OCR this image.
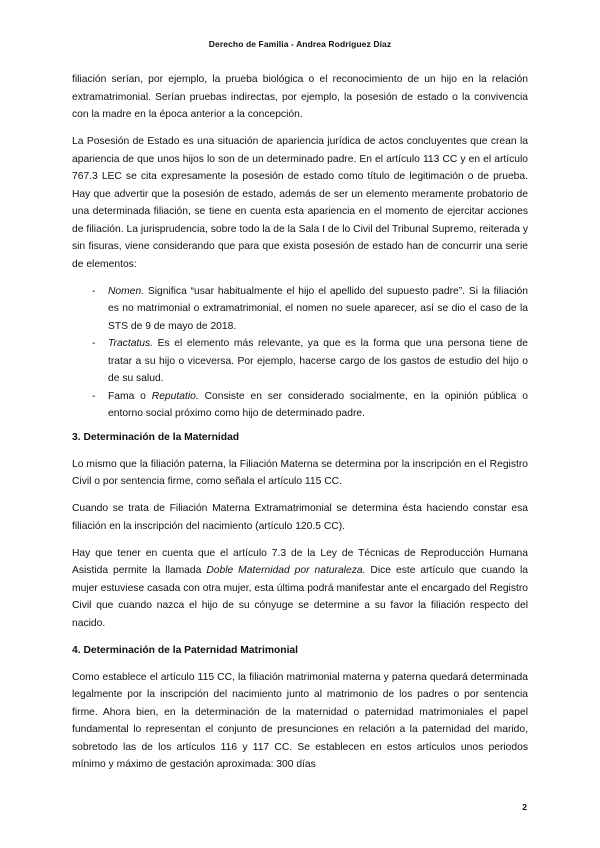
Derecho de Familia - Andrea Rodríguez Díaz

filiación serían, por ejemplo, la prueba biológica o el reconocimiento de un hijo en la relación extramatrimonial. Serían pruebas indirectas, por ejemplo, la posesión de estado o la convivencia con la madre en la época anterior a la concepción.

La Posesión de Estado es una situación de apariencia jurídica de actos concluyentes que crean la apariencia de que unos hijos lo son de un determinado padre. En el artículo 113 CC y en el artículo 767.3 LEC se cita expresamente la posesión de estado como título de legitimación o de prueba. Hay que advertir que la posesión de estado, además de ser un elemento meramente probatorio de una determinada filiación, se tiene en cuenta esta apariencia en el momento de ejercitar acciones de filiación. La jurisprudencia, sobre todo la de la Sala I de lo Civil del Tribunal Supremo, reiterada y sin fisuras, viene considerando que para que exista posesión de estado han de concurrir una serie de elementos:

- Nomen. Significa “usar habitualmente el hijo el apellido del supuesto padre”. Si la filiación es no matrimonial o extramatrimonial, el nomen no suele aparecer, así se dio el caso de la STS de 9 de mayo de 2018.
- Tractatus. Es el elemento más relevante, ya que es la forma que una persona tiene de tratar a su hijo o viceversa. Por ejemplo, hacerse cargo de los gastos de estudio del hijo o de su salud.
- Fama o Reputatio. Consiste en ser considerado socialmente, en la opinión pública o entorno social próximo como hijo de determinado padre.
3. Determinación de la Maternidad

Lo mismo que la filiación paterna, la Filiación Materna se determina por la inscripción en el Registro Civil o por sentencia firme, como señala el artículo 115 CC.

Cuando se trata de Filiación Materna Extramatrimonial se determina ésta haciendo constar esa filiación en la inscripción del nacimiento (artículo 120.5 CC).

Hay que tener en cuenta que el artículo 7.3 de la Ley de Técnicas de Reproducción Humana Asistida permite la llamada Doble Maternidad por naturaleza. Dice este artículo que cuando la mujer estuviese casada con otra mujer, esta última podrá manifestar ante el encargado del Registro Civil que cuando nazca el hijo de su cónyuge se determine a su favor la filiación respecto del nacido.

4. Determinación de la Paternidad Matrimonial

Como establece el artículo 115 CC, la filiación matrimonial materna y paterna quedará determinada legalmente por la inscripción del nacimiento junto al matrimonio de los padres o por sentencia firme. Ahora bien, en la determinación de la maternidad o paternidad matrimoniales el papel fundamental lo representan el conjunto de presunciones en relación a la paternidad del marido, sobretodo las de los artículos 116 y 117 CC. Se establecen en estos artículos unos periodos mínimo y máximo de gestación aproximada: 300 días

2
